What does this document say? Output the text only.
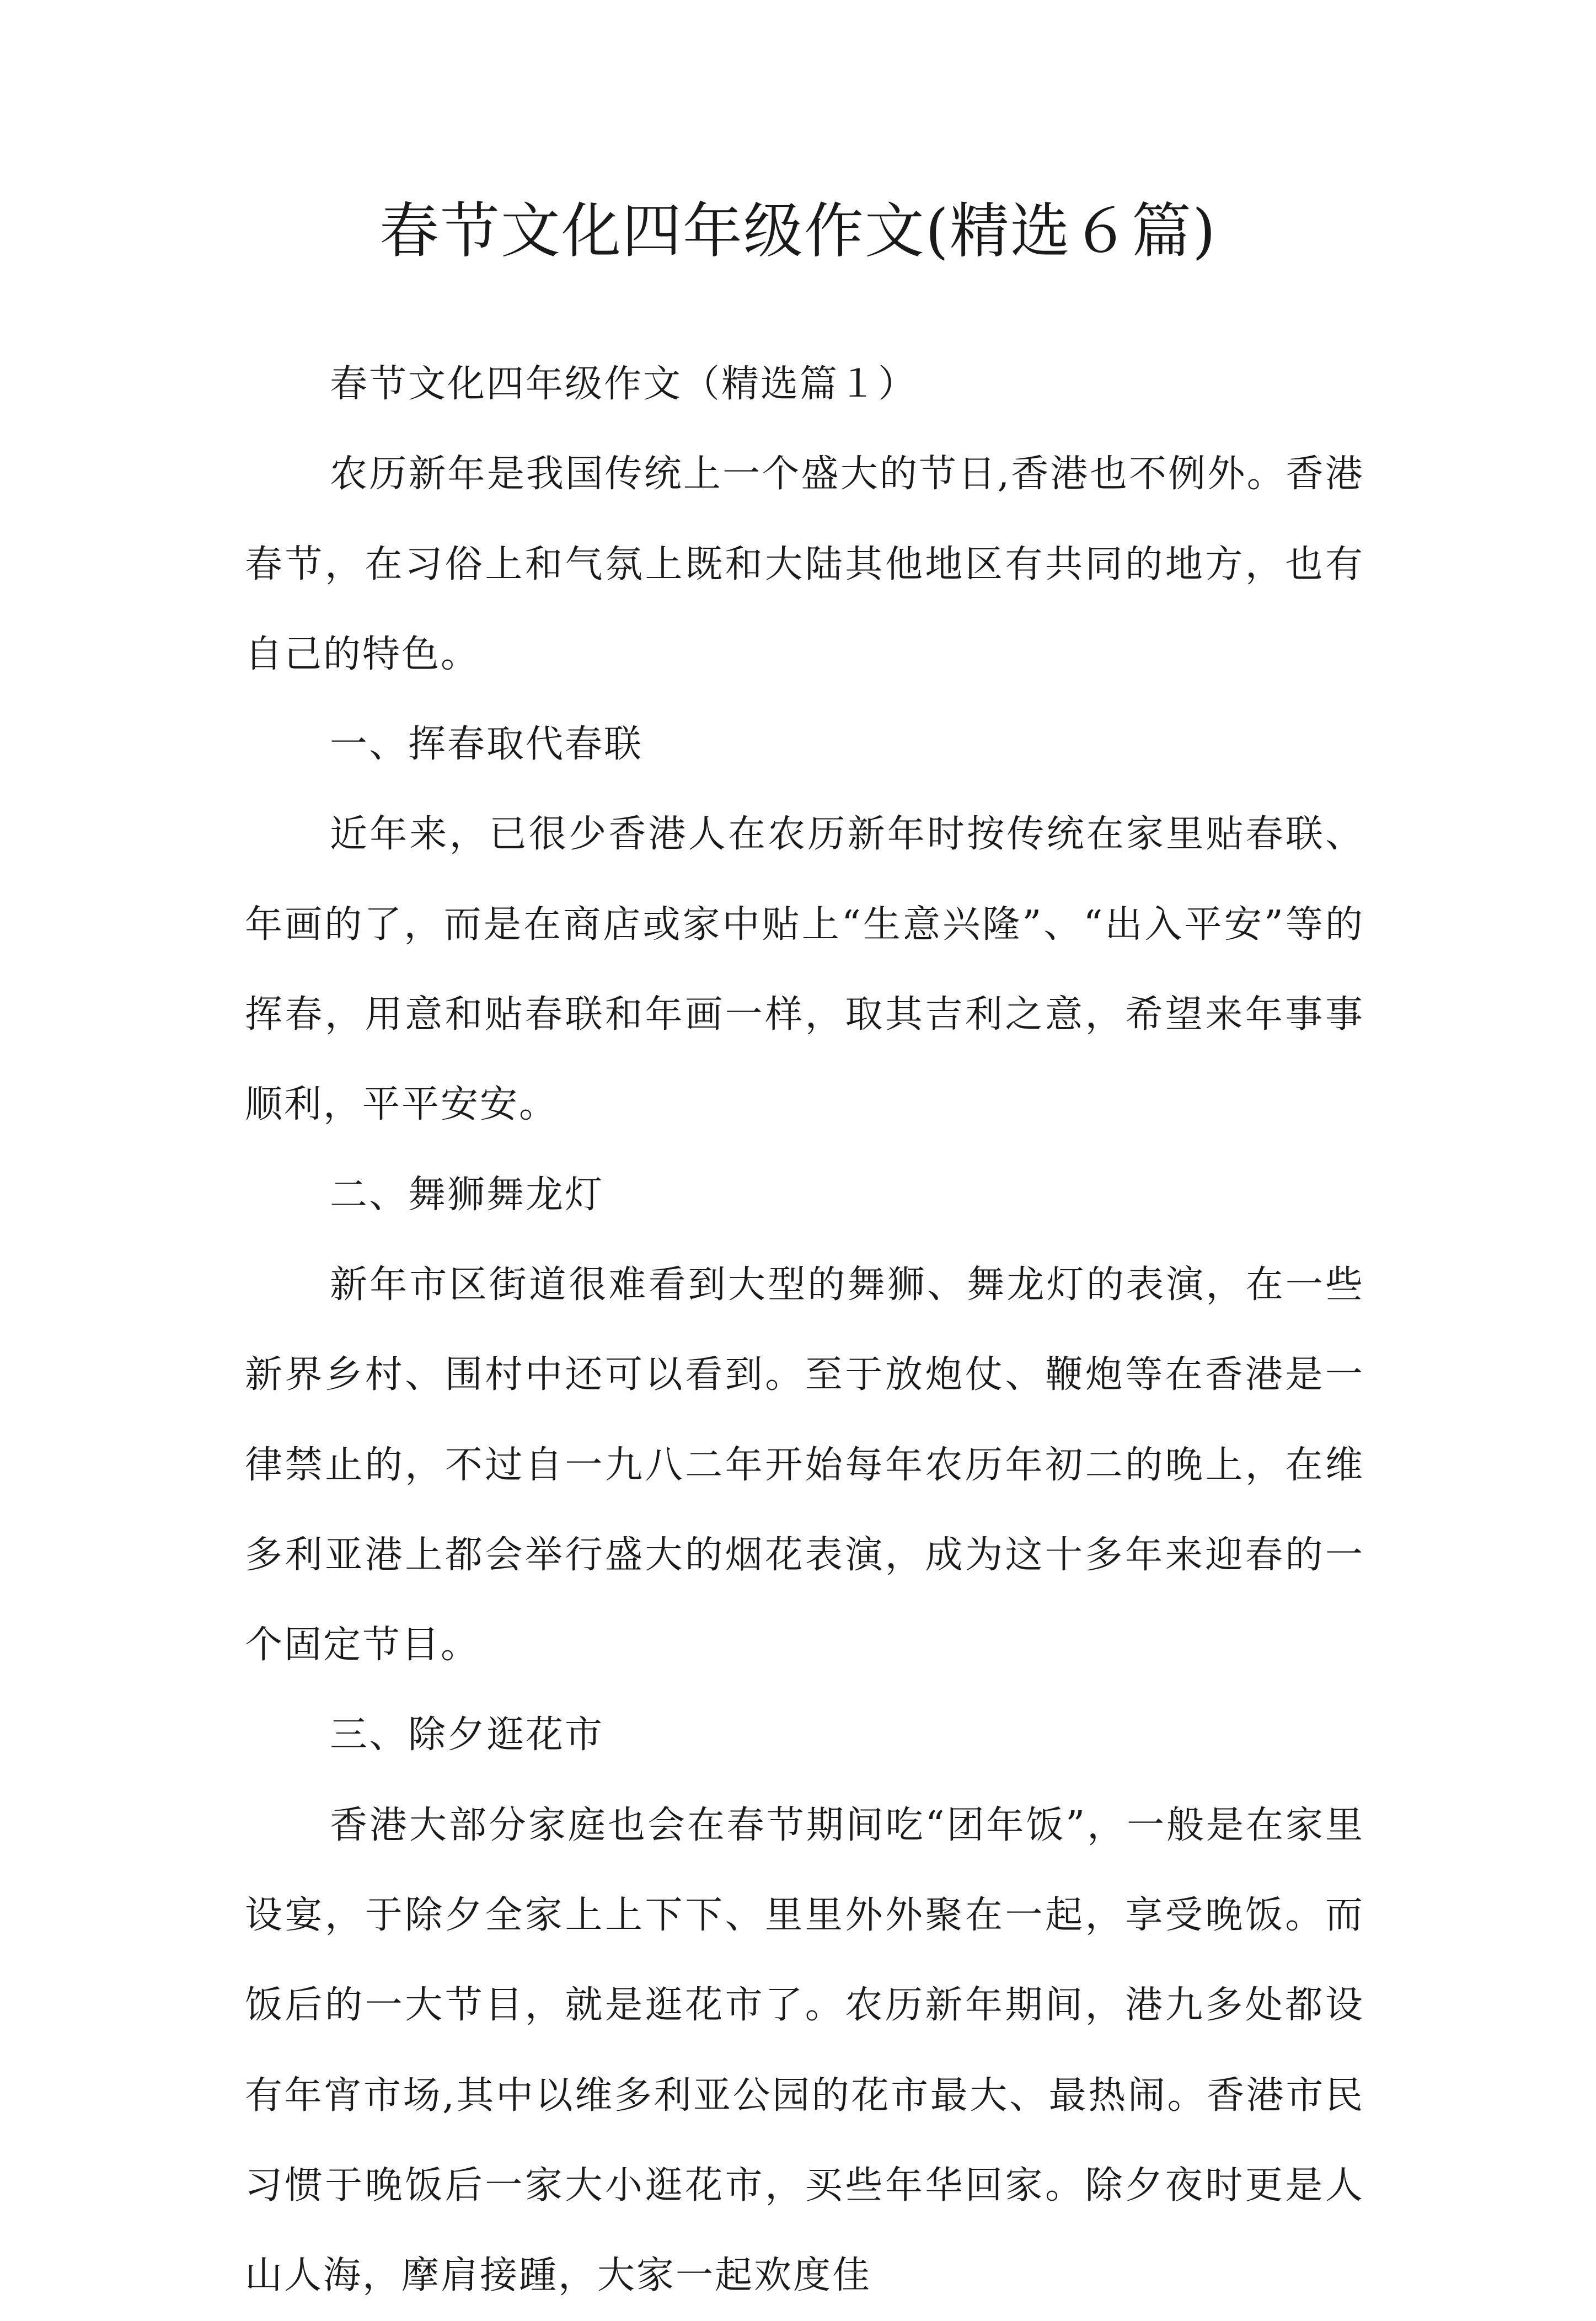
春节文化四年级作文(精选６篇)

春节文化四年级作文（精选篇１）

农历新年是我国传统上一个盛大的节日,香港也不例外。香港春节，在习俗上和气氛上既和大陆其他地区有共同的地方，也有自己的特色。

一、挥春取代春联

近年来，已很少香港人在农历新年时按传统在家里贴春联、年画的了，而是在商店或家中贴上“生意兴隆”、“出入平安”等的挥春，用意和贴春联和年画一样，取其吉利之意，希望来年事事顺利，平平安安。

二、舞狮舞龙灯

新年市区街道很难看到大型的舞狮、舞龙灯的表演，在一些新界乡村、围村中还可以看到。至于放炮仗、鞭炮等在香港是一律禁止的，不过自一九八二年开始每年农历年初二的晚上，在维多利亚港上都会举行盛大的烟花表演，成为这十多年来迎春的一个固定节目。

三、除夕逛花市

香港大部分家庭也会在春节期间吃“团年饭”，一般是在家里设宴，于除夕全家上上下下、里里外外聚在一起，享受晚饭。而饭后的一大节目，就是逛花市了。农历新年期间，港九多处都设有年宵市场,其中以维多利亚公园的花市最大、最热闹。香港市民习惯于晚饭后一家大小逛花市，买些年华回家。除夕夜时更是人山人海，摩肩接踵，大家一起欢度佳
